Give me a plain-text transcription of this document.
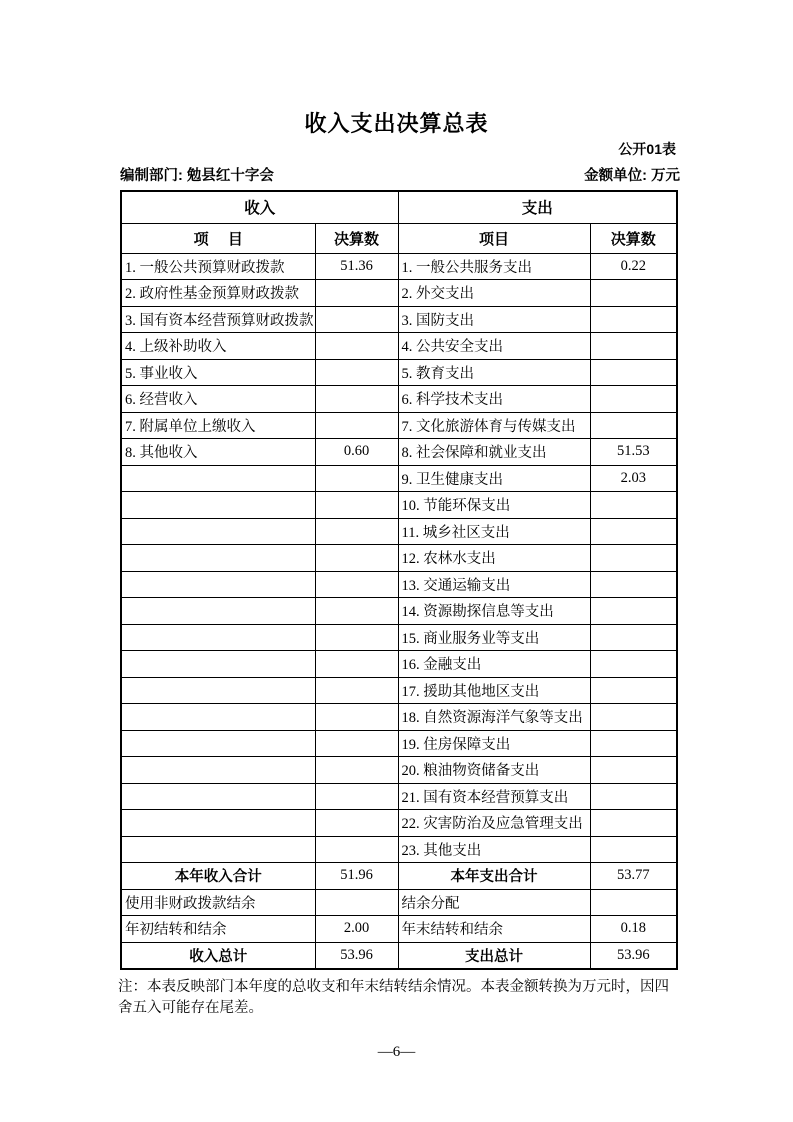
收入支出决算总表
公开01表
编制部门: 勉县红十字会	金额单位: 万元
收入		支出	
项　 目	决算数	项目	决算数
1. 一般公共预算财政拨款	51.36	1. 一般公共服务支出	0.22
2. 政府性基金预算财政拨款		2. 外交支出	
3. 国有资本经营预算财政拨款		3. 国防支出	
4. 上级补助收入		4. 公共安全支出	
5. 事业收入		5. 教育支出	
6. 经营收入		6. 科学技术支出	
7. 附属单位上缴收入		7. 文化旅游体育与传媒支出	
8. 其他收入	0.60	8. 社会保障和就业支出	51.53
		9. 卫生健康支出	2.03
		10. 节能环保支出	
		11. 城乡社区支出	
		12. 农林水支出	
		13. 交通运输支出	
		14. 资源勘探信息等支出	
		15. 商业服务业等支出	
		16. 金融支出	
		17. 援助其他地区支出	
		18. 自然资源海洋气象等支出	
		19. 住房保障支出	
		20. 粮油物资储备支出	
		21. 国有资本经营预算支出	
		22. 灾害防治及应急管理支出	
		23. 其他支出	
本年收入合计	51.96	本年支出合计	53.77
使用非财政拨款结余		结余分配	
年初结转和结余	2.00	年末结转和结余	0.18
收入总计	53.96	支出总计	53.96

注：本表反映部门本年度的总收支和年末结转结余情况。本表金额转换为万元时，因四舍五入可能存在尾差。

—6—
